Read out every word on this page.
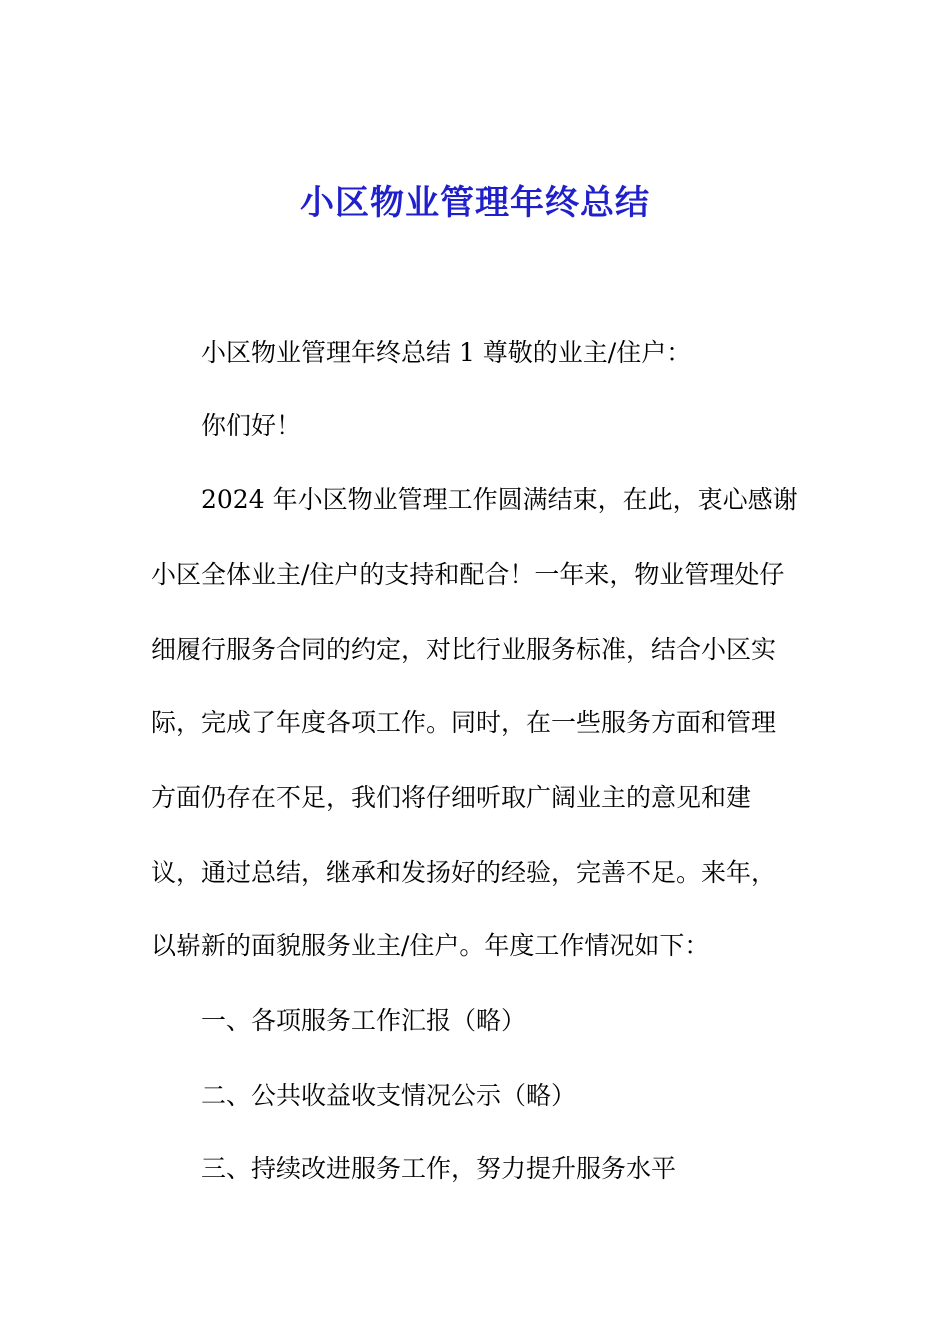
小区物业管理年终总结
小区物业管理年终总结 1 尊敬的业主/住户：
你们好！
2024 年小区物业管理工作圆满结束，在此，衷心感谢
小区全体业主/住户的支持和配合！一年来，物业管理处仔
细履行服务合同的约定，对比行业服务标准，结合小区实
际，完成了年度各项工作。同时，在一些服务方面和管理
方面仍存在不足，我们将仔细听取广阔业主的意见和建
议，通过总结，继承和发扬好的经验，完善不足。来年，
以崭新的面貌服务业主/住户。年度工作情况如下：
一、各项服务工作汇报（略）
二、公共收益收支情况公示（略）
三、持续改进服务工作，努力提升服务水平
